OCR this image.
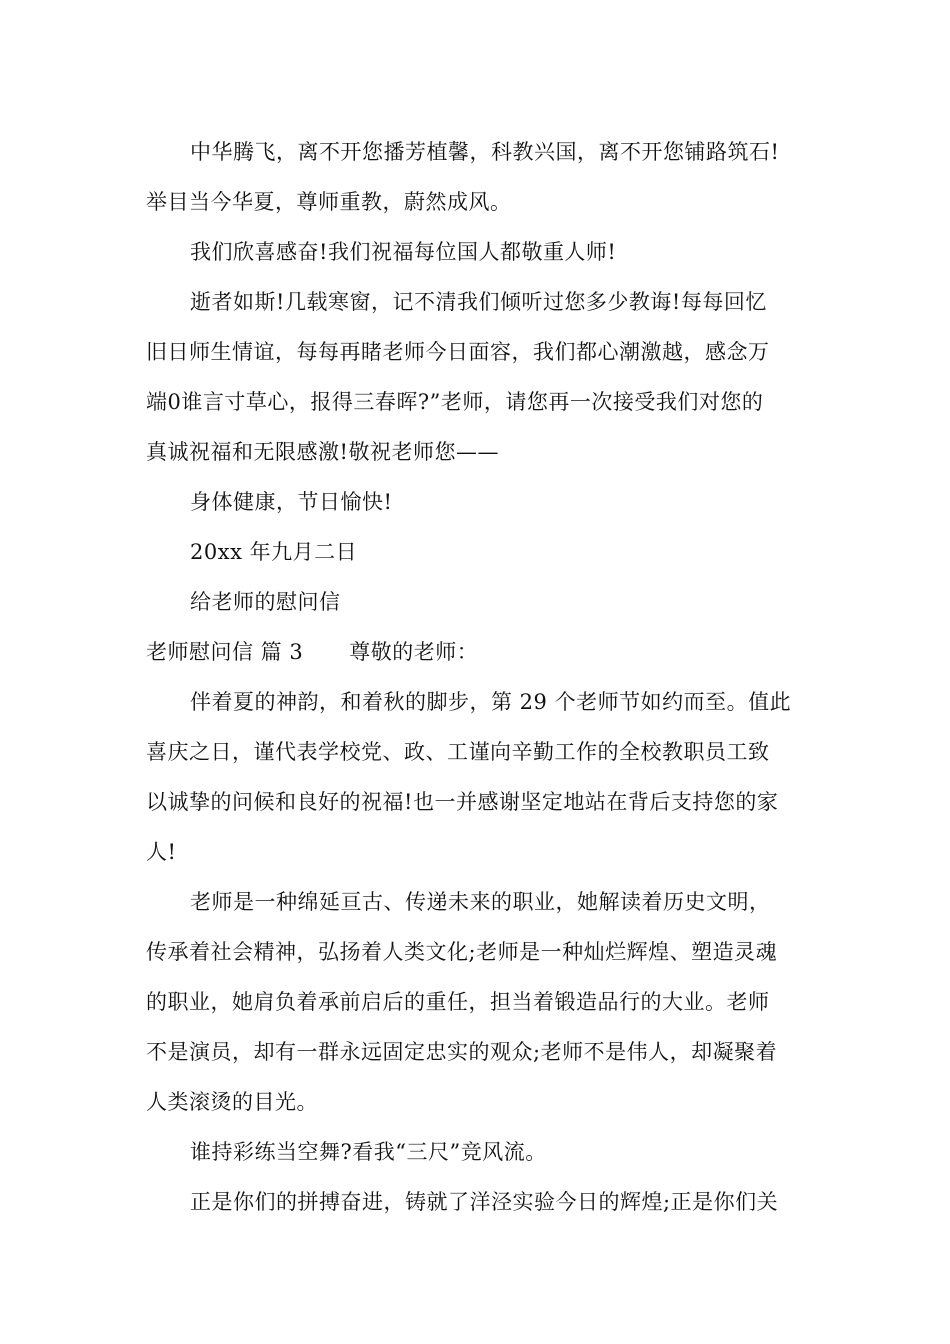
中华腾飞，离不开您播芳植馨，科教兴国，离不开您铺路筑石!
举目当今华夏，尊师重教，蔚然成风。
我们欣喜感奋!我们祝福每位国人都敬重人师!
逝者如斯!几载寒窗，记不清我们倾听过您多少教诲!每每回忆
旧日师生情谊，每每再睹老师今日面容，我们都心潮激越，感念万
端0谁言寸草心，报得三春晖?”老师，请您再一次接受我们对您的
真诚祝福和无限感激!敬祝老师您——
身体健康，节日愉快!
20xx 年九月二日
给老师的慰问信
老师慰问信 篇 3 尊敬的老师：
伴着夏的神韵，和着秋的脚步，第 29 个老师节如约而至。值此
喜庆之日，谨代表学校党、政、工谨向辛勤工作的全校教职员工致
以诚挚的问候和良好的祝福!也一并感谢坚定地站在背后支持您的家
人!
老师是一种绵延亘古、传递未来的职业，她解读着历史文明，
传承着社会精神，弘扬着人类文化;老师是一种灿烂辉煌、塑造灵魂
的职业，她肩负着承前启后的重任，担当着锻造品行的大业。老师
不是演员，却有一群永远固定忠实的观众;老师不是伟人，却凝聚着
人类滚烫的目光。
谁持彩练当空舞?看我“三尺”竞风流。
正是你们的拼搏奋进，铸就了洋泾实验今日的辉煌;正是你们关
